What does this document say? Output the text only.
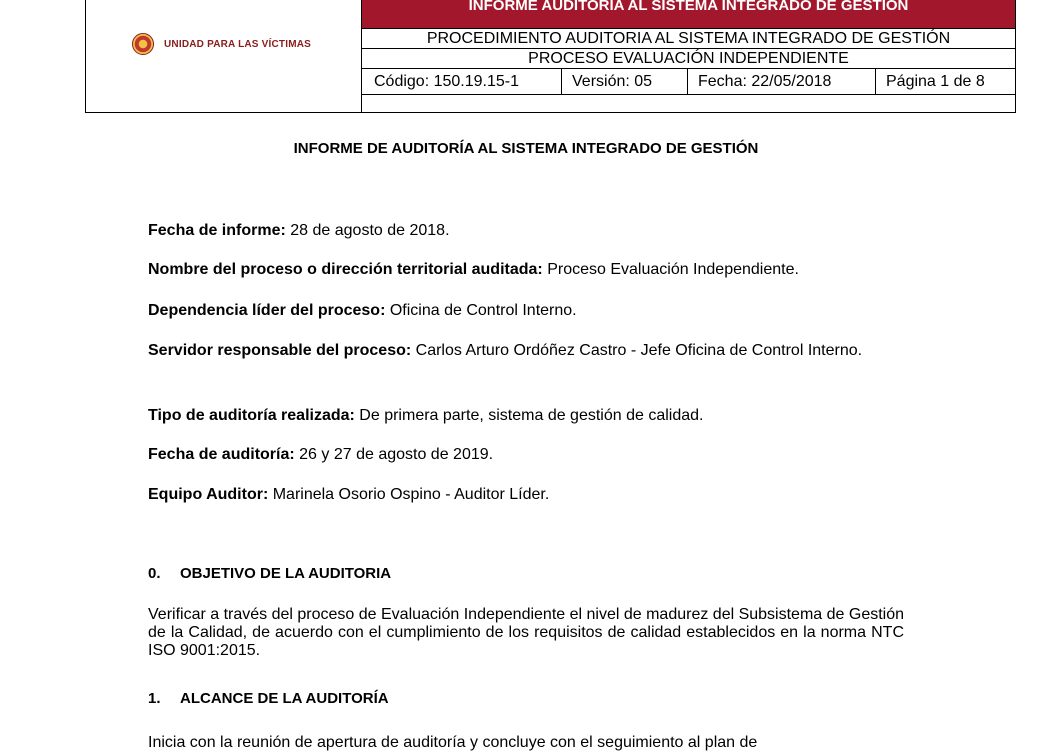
UNIDAD PARA LAS VÍCTIMAS
INFORME AUDITORIA AL SISTEMA INTEGRADO DE GESTION
PROCEDIMIENTO AUDITORIA AL SISTEMA INTEGRADO DE GESTIÓN
PROCESO EVALUACIÓN INDEPENDIENTE
Código: 150.19.15-1	Versión: 05	Fecha: 22/05/2018	Página 1 de 8
INFORME DE AUDITORÍA AL SISTEMA INTEGRADO DE GESTIÓN
Fecha de informe: 28 de agosto de 2018.
Nombre del proceso o dirección territorial auditada: Proceso Evaluación Independiente.
Dependencia líder del proceso: Oficina de Control Interno.
Servidor responsable del proceso: Carlos Arturo Ordóñez Castro - Jefe Oficina de Control Interno.
Tipo de auditoría realizada: De primera parte, sistema de gestión de calidad.
Fecha de auditoría: 26 y 27 de agosto de 2019.
Equipo Auditor: Marinela Osorio Ospino - Auditor Líder.
0. OBJETIVO DE LA AUDITORIA
Verificar a través del proceso de Evaluación Independiente el nivel de madurez del Subsistema de Gestión de la Calidad, de acuerdo con el cumplimiento de los requisitos de calidad establecidos en la norma NTC ISO 9001:2015.
1. ALCANCE DE LA AUDITORÍA
Inicia con la reunión de apertura de auditoría y concluye con el seguimiento al plan de
